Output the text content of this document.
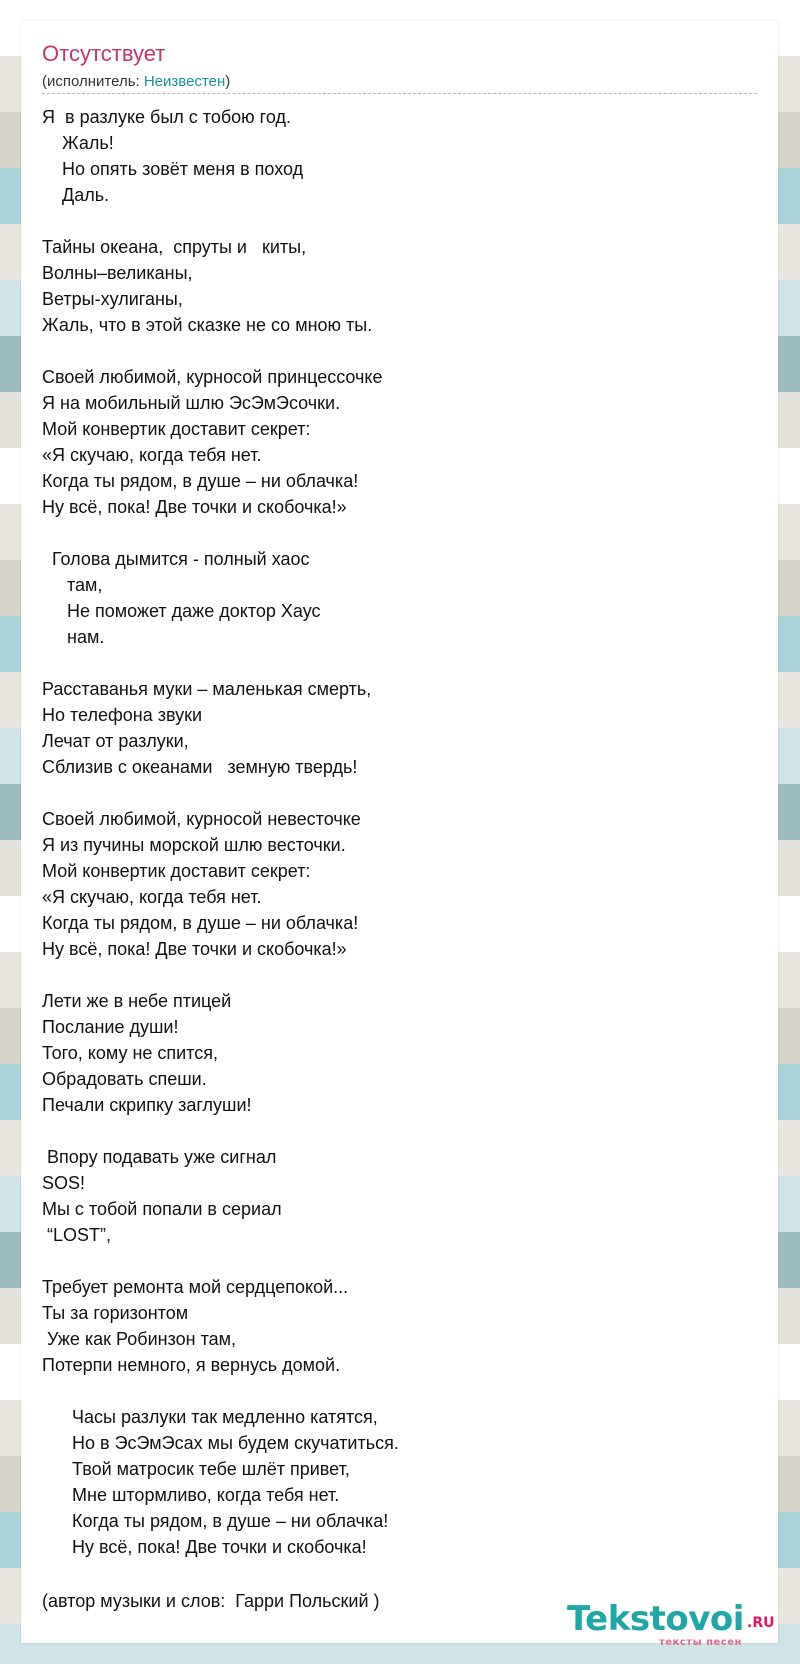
Отсутствует
(исполнитель: Неизвестен)
Я  в разлуке был с тобою год.
Жаль!
Но опять зовёт меня в поход
Даль.
Тайны океана,  спруты и   киты,
Волны–великаны,
Ветры-хулиганы,
Жаль, что в этой сказке не со мною ты.
Своей любимой, курносой принцессочке
Я на мобильный шлю ЭсЭмЭсочки.
Мой конвертик доставит секрет:
«Я скучаю, когда тебя нет.
Когда ты рядом, в душе – ни облачка!
Ну всё, пока! Две точки и скобочка!»
Голова дымится - полный хаос
там,
Не поможет даже доктор Хаус
нам.
Расставанья муки – маленькая смерть,
Но телефона звуки
Лечат от разлуки,
Сблизив с океанами   земную твердь!
Своей любимой, курносой невесточке
Я из пучины морской шлю весточки.
Мой конвертик доставит секрет:
«Я скучаю, когда тебя нет.
Когда ты рядом, в душе – ни облачка!
Ну всё, пока! Две точки и скобочка!»
Лети же в небе птицей
Послание души!
Того, кому не спится,
Обрадовать спеши.
Печали скрипку заглуши!
Впору подавать уже сигнал
SOS!
Мы с тобой попали в сериал
“LOST”,
Требует ремонта мой сердцепокой...
Ты за горизонтом
Уже как Робинзон там,
Потерпи немного, я вернусь домой.
Часы разлуки так медленно катятся,
Но в ЭсЭмЭсах мы будем скучатиться.
Твой матросик тебе шлёт привет,
Мне штормливо, когда тебя нет.
Когда ты рядом, в душе – ни облачка!
Ну всё, пока! Две точки и скобочка!
(автор музыки и слов:  Гарри Польский )	Tekstovoi .RU
тексты песен
